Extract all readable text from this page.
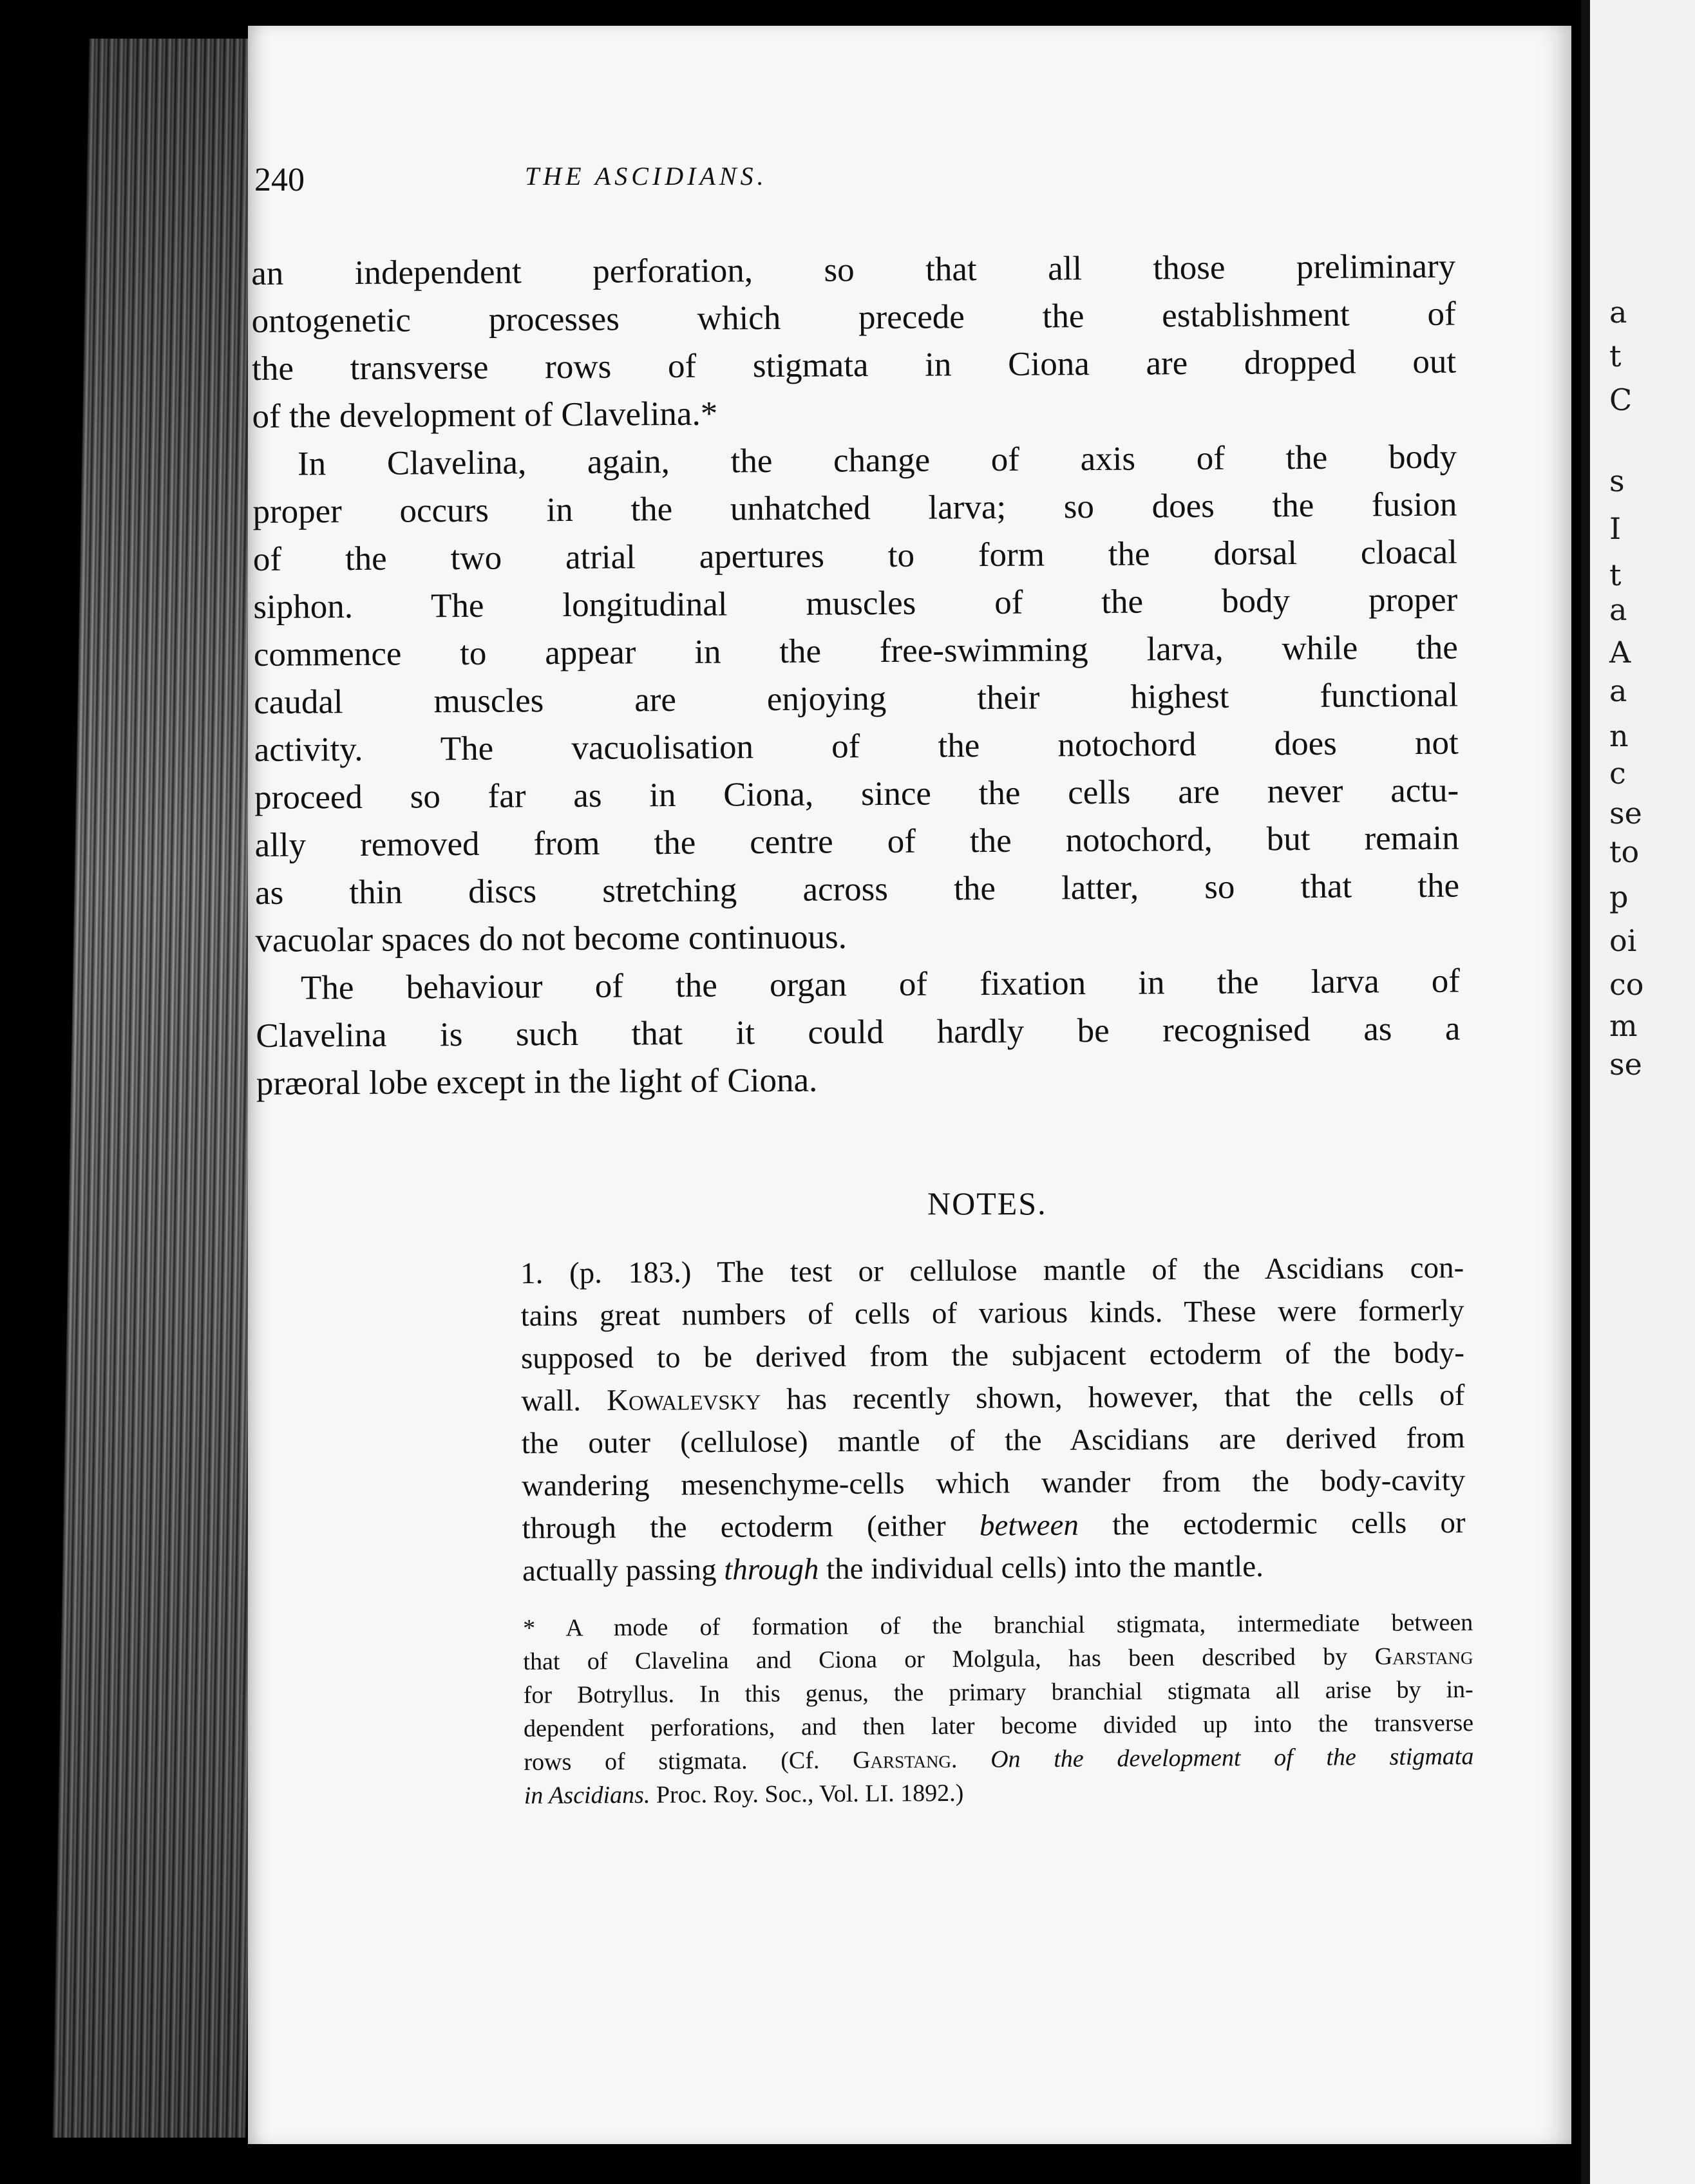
a
t
C
s
I
t
a
A
a
n
c
se
to
p
oi
co
m
se
240	THE ASCIDIANS.
an independent perforation, so that all those preliminary
ontogenetic processes which precede the establishment of
the transverse rows of stigmata in Ciona are dropped out
of the development of Clavelina.*
In Clavelina, again, the change of axis of the body
proper occurs in the unhatched larva; so does the fusion
of the two atrial apertures to form the dorsal cloacal
siphon. The longitudinal muscles of the body proper
commence to appear in the free-swimming larva, while the
caudal muscles are enjoying their highest functional
activity. The vacuolisation of the notochord does not
proceed so far as in Ciona, since the cells are never actu-
ally removed from the centre of the notochord, but remain
as thin discs stretching across the latter, so that the
vacuolar spaces do not become continuous.
The behaviour of the organ of fixation in the larva of
Clavelina is such that it could hardly be recognised as a
præoral lobe except in the light of Ciona.
NOTES.
1. (p. 183.) The test or cellulose mantle of the Ascidians con-
tains great numbers of cells of various kinds. These were formerly
supposed to be derived from the subjacent ectoderm of the body-
wall. Kowalevsky has recently shown, however, that the cells of
the outer (cellulose) mantle of the Ascidians are derived from
wandering mesenchyme-cells which wander from the body-cavity
through the ectoderm (either between the ectodermic cells or
actually passing through the individual cells) into the mantle.
* A mode of formation of the branchial stigmata, intermediate between
that of Clavelina and Ciona or Molgula, has been described by Garstang
for Botryllus. In this genus, the primary branchial stigmata all arise by in-
dependent perforations, and then later become divided up into the transverse
rows of stigmata. (Cf. Garstang. On the development of the stigmata
in Ascidians. Proc. Roy. Soc., Vol. LI. 1892.)
